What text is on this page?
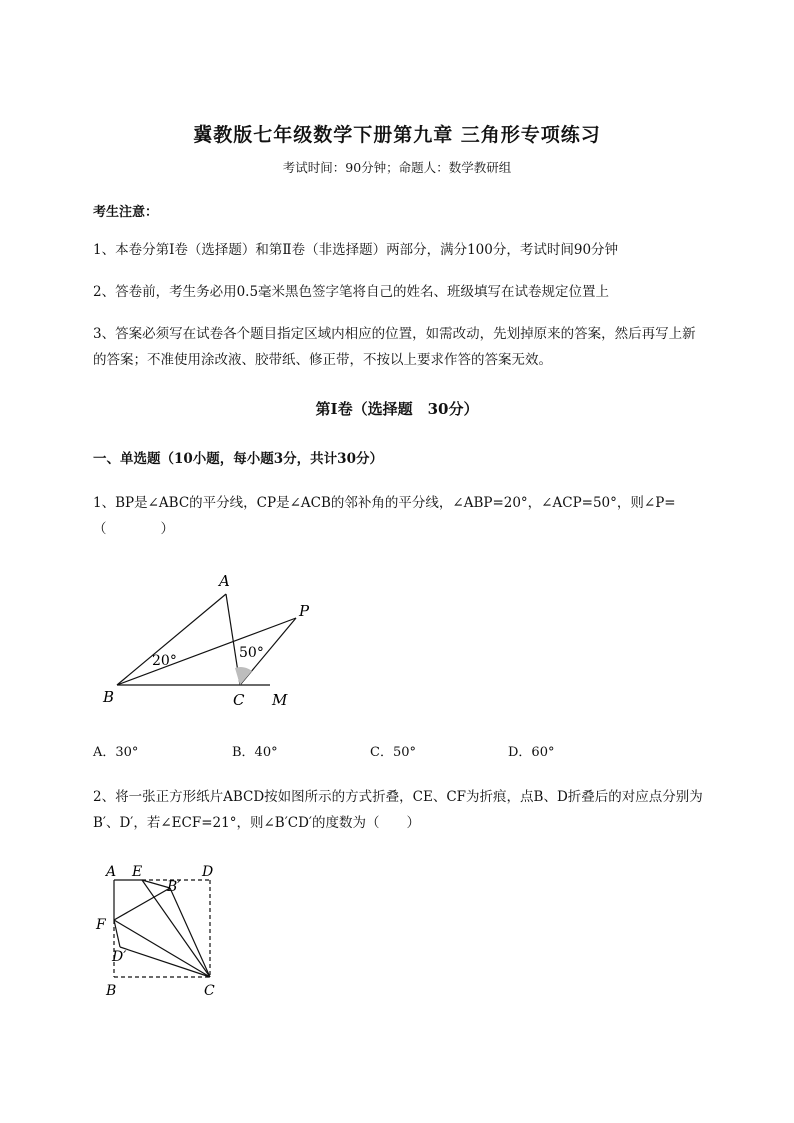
冀教版七年级数学下册第九章 三角形专项练习
考试时间：90分钟；命题人：数学教研组
考生注意：
1、本卷分第I卷（选择题）和第Ⅱ卷（非选择题）两部分，满分100分，考试时间90分钟
2、答卷前，考生务必用0.5毫米黑色签字笔将自己的姓名、班级填写在试卷规定位置上
3、答案必须写在试卷各个题目指定区域内相应的位置，如需改动，先划掉原来的答案，然后再写上新
的答案；不准使用涂改液、胶带纸、修正带，不按以上要求作答的答案无效。
第I卷（选择题　30分）
一、单选题（10小题，每小题3分，共计30分）
1、BP是∠ABC的平分线，CP是∠ACB的邻补角的平分线，∠ABP=20°，∠ACP=50°，则∠P=
（　　　　）
A
B	C
P
M
20°	50°
A．30°	B．40°	C．50°	D．60°
2、将一张正方形纸片ABCD按如图所示的方式折叠，CE、CF为折痕，点B、D折叠后的对应点分别为
B′、D′，若∠ECF=21°，则∠B′CD′的度数为（　　）
A E	D
B′
F
D′
B	C
